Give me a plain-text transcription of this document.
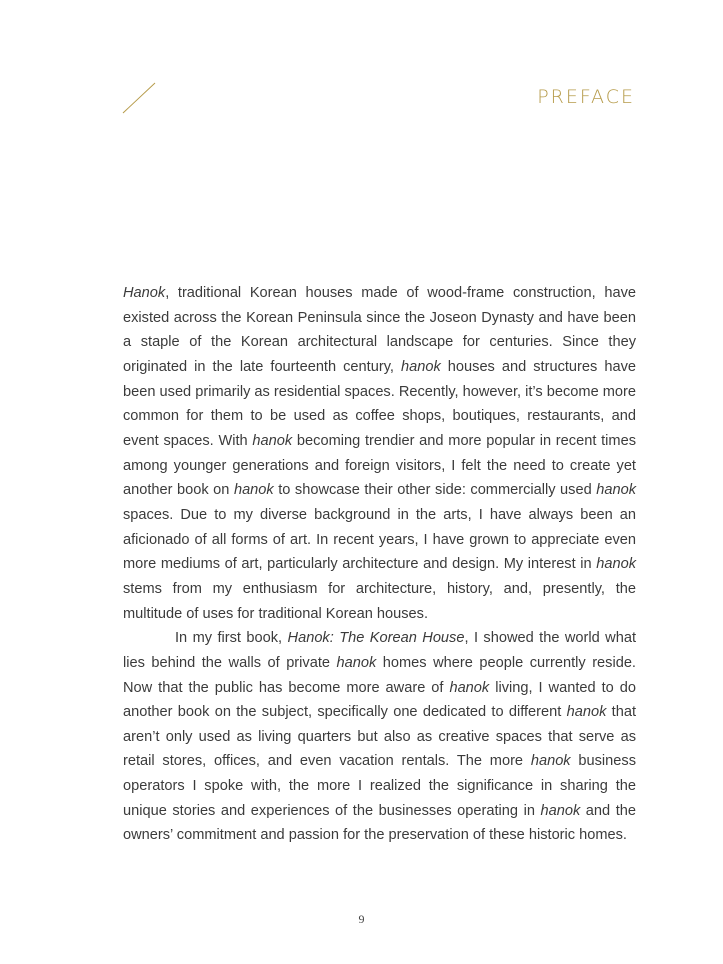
PREFACE

Hanok, traditional Korean houses made of wood-frame construction, have existed across the Korean Peninsula since the Joseon Dynasty and have been a staple of the Korean architectural landscape for centuries. Since they originated in the late fourteenth century, hanok houses and structures have been used primarily as residential spaces. Recently, however, it’s become more common for them to be used as coffee shops, boutiques, restaurants, and event spaces. With hanok becoming trendier and more popular in recent times among younger generations and foreign visitors, I felt the need to create yet another book on hanok to showcase their other side: commercially used hanok spaces. Due to my diverse background in the arts, I have always been an aficionado of all forms of art. In recent years, I have grown to appreciate even more mediums of art, particularly architecture and design. My interest in hanok stems from my enthusiasm for architecture, history, and, presently, the multitude of uses for traditional Korean houses.

In my first book, Hanok: The Korean House, I showed the world what lies behind the walls of private hanok homes where people currently reside. Now that the public has become more aware of hanok living, I wanted to do another book on the subject, specifically one dedicated to different hanok that aren’t only used as living quarters but also as creative spaces that serve as retail stores, offices, and even vacation rentals. The more hanok business operators I spoke with, the more I realized the significance in sharing the unique stories and experiences of the businesses operating in hanok and the owners’ commitment and passion for the preservation of these historic homes.

9
